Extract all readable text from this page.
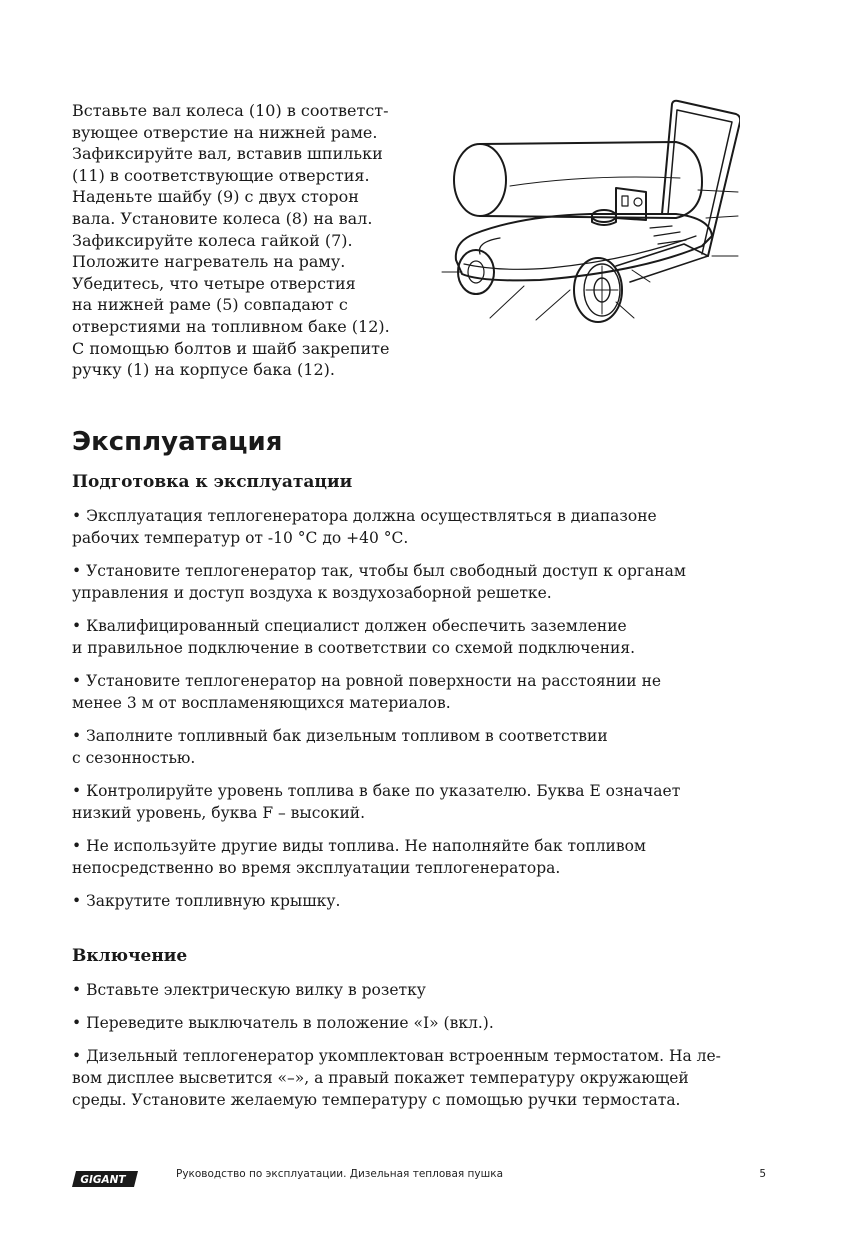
Вставьте вал колеса (10) в соответст-
вующее отверстие на нижней раме.
Зафиксируйте вал, вставив шпильки
(11) в соответствующие отверстия.
Наденьте шайбу (9) с двух сторон
вала. Установите колеса (8) на вал.
Зафиксируйте колеса гайкой (7).
Положите нагреватель на раму.
Убедитесь, что четыре отверстия
на нижней раме (5) совпадают с
отверстиями на топливном баке (12).
С помощью болтов и шайб закрепите
ручку (1) на корпусе бака (12).

Эксплуатация
Подготовка к эксплуатации
• Эксплуатация теплогенератора должна осуществляться в диапазоне
рабочих температур от -10 °С до +40 °С.
• Установите теплогенератор так, чтобы был свободный доступ к органам
управления и доступ воздуха к воздухозаборной решетке.
• Квалифицированный специалист должен обеспечить заземление
и правильное подключение в соответствии со схемой подключения.
• Установите теплогенератор на ровной поверхности на расстоянии не
менее 3 м от воспламеняющихся материалов.
• Заполните топливный бак дизельным топливом в соответствии
с сезонностью.
• Контролируйте уровень топлива в баке по указателю. Буква E означает
низкий уровень, буква F – высокий.
• Не используйте другие виды топлива. Не наполняйте бак топливом
непосредственно во время эксплуатации теплогенератора.
• Закрутите топливную крышку.
Включение
• Вставьте электрическую вилку в розетку
• Переведите выключатель в положение «I» (вкл.).
• Дизельный теплогенератор укомплектован встроенным термостатом. На ле-
вом дисплее высветится «–», а правый покажет температуру окружающей
среды. Установите желаемую температуру с помощью ручки термостата.
GIGANT	Руководство по эксплуатации. Дизельная тепловая пушка	5
